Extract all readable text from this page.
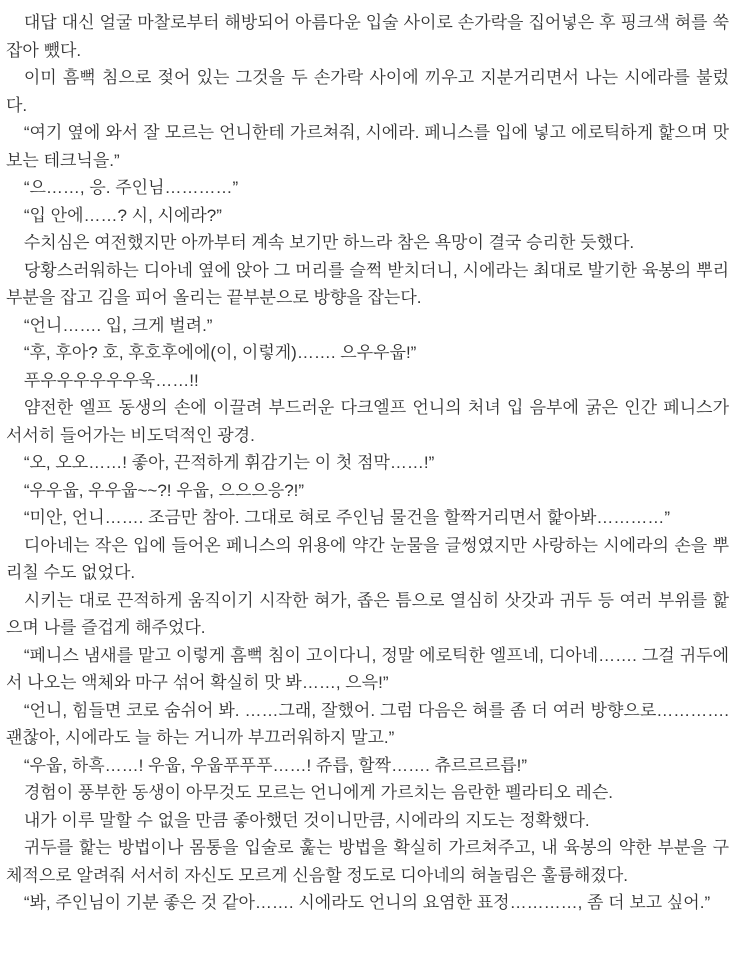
대답 대신 얼굴 마찰로부터 해방되어 아름다운 입술 사이로 손가락을 집어넣은 후 핑크색 혀를 쑥 잡아 뺐다.

이미 흠뻑 침으로 젖어 있는 그것을 두 손가락 사이에 끼우고 지분거리면서 나는 시에라를 불렀다.

“여기 옆에 와서 잘 모르는 언니한테 가르쳐줘, 시에라. 페니스를 입에 넣고 에로틱하게 핥으며 맛보는 테크닉을.”

“으……, 응. 주인님…………”

“입 안에……? 시, 시에라?”

수치심은 여전했지만 아까부터 계속 보기만 하느라 참은 욕망이 결국 승리한 듯했다.

당황스러워하는 디아네 옆에 앉아 그 머리를 슬쩍 받치더니, 시에라는 최대로 발기한 육봉의 뿌리 부분을 잡고 김을 피어 올리는 끝부분으로 방향을 잡는다.

“언니……. 입, 크게 벌려.”

“후, 후아? 호, 후호후에에(이, 이렇게)……. 으우우웁!”

푸우우우우우우욱……!!

얌전한 엘프 동생의 손에 이끌려 부드러운 다크엘프 언니의 처녀 입 음부에 굵은 인간 페니스가 서서히 들어가는 비도덕적인 광경.

“오, 오오……! 좋아, 끈적하게 휘감기는 이 첫 점막……!”

“우우웁, 우우웁~~?! 우웁, 으으으응?!”

“미안, 언니……. 조금만 참아. 그대로 혀로 주인님 물건을 할짝거리면서 핥아봐…………”

디아네는 작은 입에 들어온 페니스의 위용에 약간 눈물을 글썽였지만 사랑하는 시에라의 손을 뿌리칠 수도 없었다.

시키는 대로 끈적하게 움직이기 시작한 혀가, 좁은 틈으로 열심히 삿갓과 귀두 등 여러 부위를 핥으며 나를 즐겁게 해주었다.

“페니스 냄새를 맡고 이렇게 흠뻑 침이 고이다니, 정말 에로틱한 엘프네, 디아네……. 그걸 귀두에서 나오는 액체와 마구 섞어 확실히 맛 봐……, 으윽!”

“언니, 힘들면 코로 숨쉬어 봐. ……그래, 잘했어. 그럼 다음은 혀를 좀 더 여러 방향으로…………. 괜찮아, 시에라도 늘 하는 거니까 부끄러워하지 말고.”

“우웁, 하흑……! 우웁, 우웁푸푸푸……! 쥬릅, 할짝……. 츄르르르릅!”

경험이 풍부한 동생이 아무것도 모르는 언니에게 가르치는 음란한 펠라티오 레슨.

내가 이루 말할 수 없을 만큼 좋아했던 것이니만큼, 시에라의 지도는 정확했다.

귀두를 핥는 방법이나 몸통을 입술로 훑는 방법을 확실히 가르쳐주고, 내 육봉의 약한 부분을 구체적으로 알려줘 서서히 자신도 모르게 신음할 정도로 디아네의 혀놀림은 훌륭해졌다.

“봐, 주인님이 기분 좋은 것 같아……. 시에라도 언니의 요염한 표정…………, 좀 더 보고 싶어.”
